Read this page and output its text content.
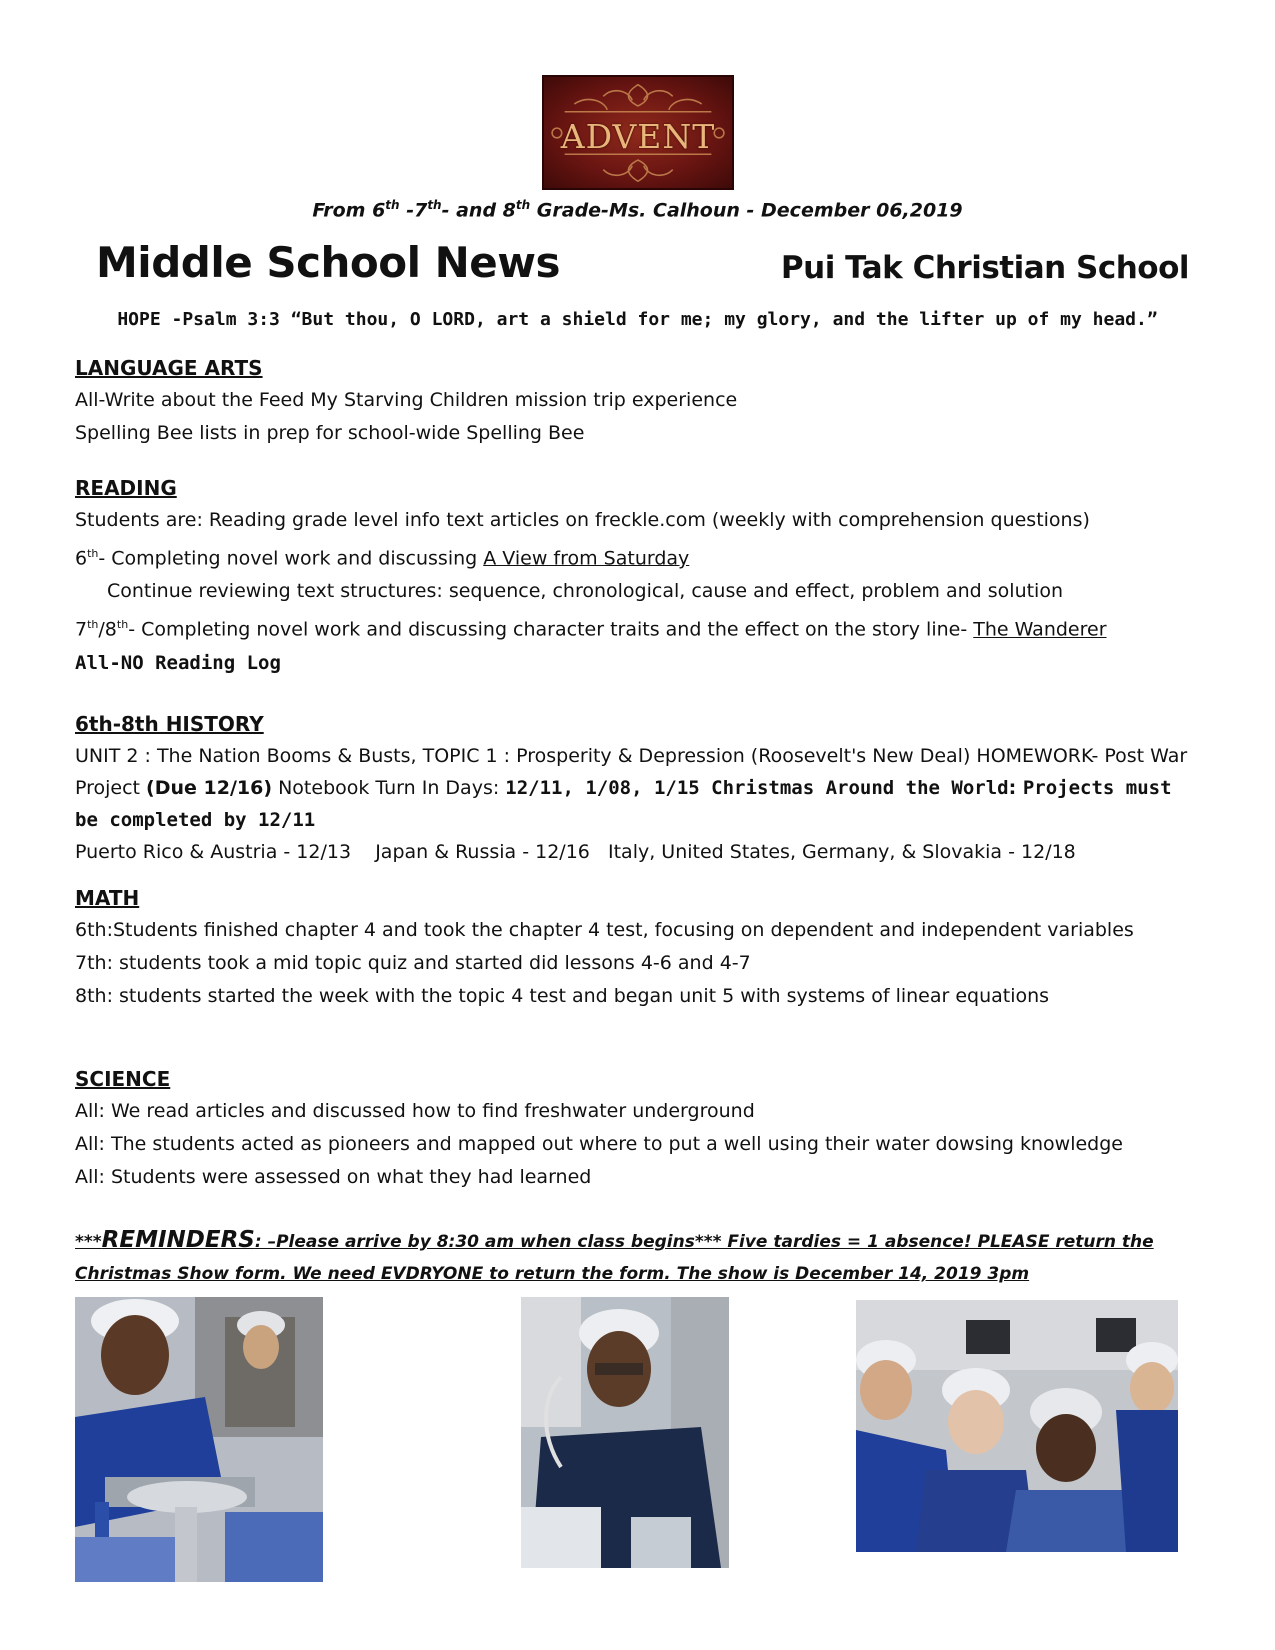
ADVENT
From 6th -7th- and 8th Grade-Ms. Calhoun - December 06,2019
Middle School News	Pui Tak Christian School
HOPE -Psalm 3:3 “But thou, O LORD, art a shield for me; my glory, and the lifter up of my head.”
LANGUAGE ARTS
All-Write about the Feed My Starving Children mission trip experience
Spelling Bee lists in prep for school-wide Spelling Bee
READING
Students are: Reading grade level info text articles on freckle.com (weekly with comprehension questions)
6th- Completing novel work and discussing A View from Saturday
Continue reviewing text structures: sequence, chronological, cause and effect, problem and solution
7th/8th- Completing novel work and discussing character traits and the effect on the story line- The Wanderer
All-NO Reading Log
6th-8th HISTORY
UNIT 2 : The Nation Booms & Busts, TOPIC 1 : Prosperity & Depression (Roosevelt's New Deal) HOMEWORK- Post War Project (Due 12/16) Notebook Turn In Days: 12/11, 1/08, 1/15 Christmas Around the World: Projects must be completed by 12/11
Puerto Rico & Austria - 12/13    Japan & Russia - 12/16   Italy, United States, Germany, & Slovakia - 12/18
MATH
6th:Students finished chapter 4 and took the chapter 4 test, focusing on dependent and independent variables
7th: students took a mid topic quiz and started did lessons 4-6 and 4-7
8th: students started the week with the topic 4 test and began unit 5 with systems of linear equations
SCIENCE
All: We read articles and discussed how to find freshwater underground
All: The students acted as pioneers and mapped out where to put a well using their water dowsing knowledge
All: Students were assessed on what they had learned
***REMINDERS: –Please arrive by 8:30 am when class begins*** Five tardies = 1 absence! PLEASE return the Christmas Show form. We need EVDRYONE to return the form. The show is December 14, 2019 3pm
